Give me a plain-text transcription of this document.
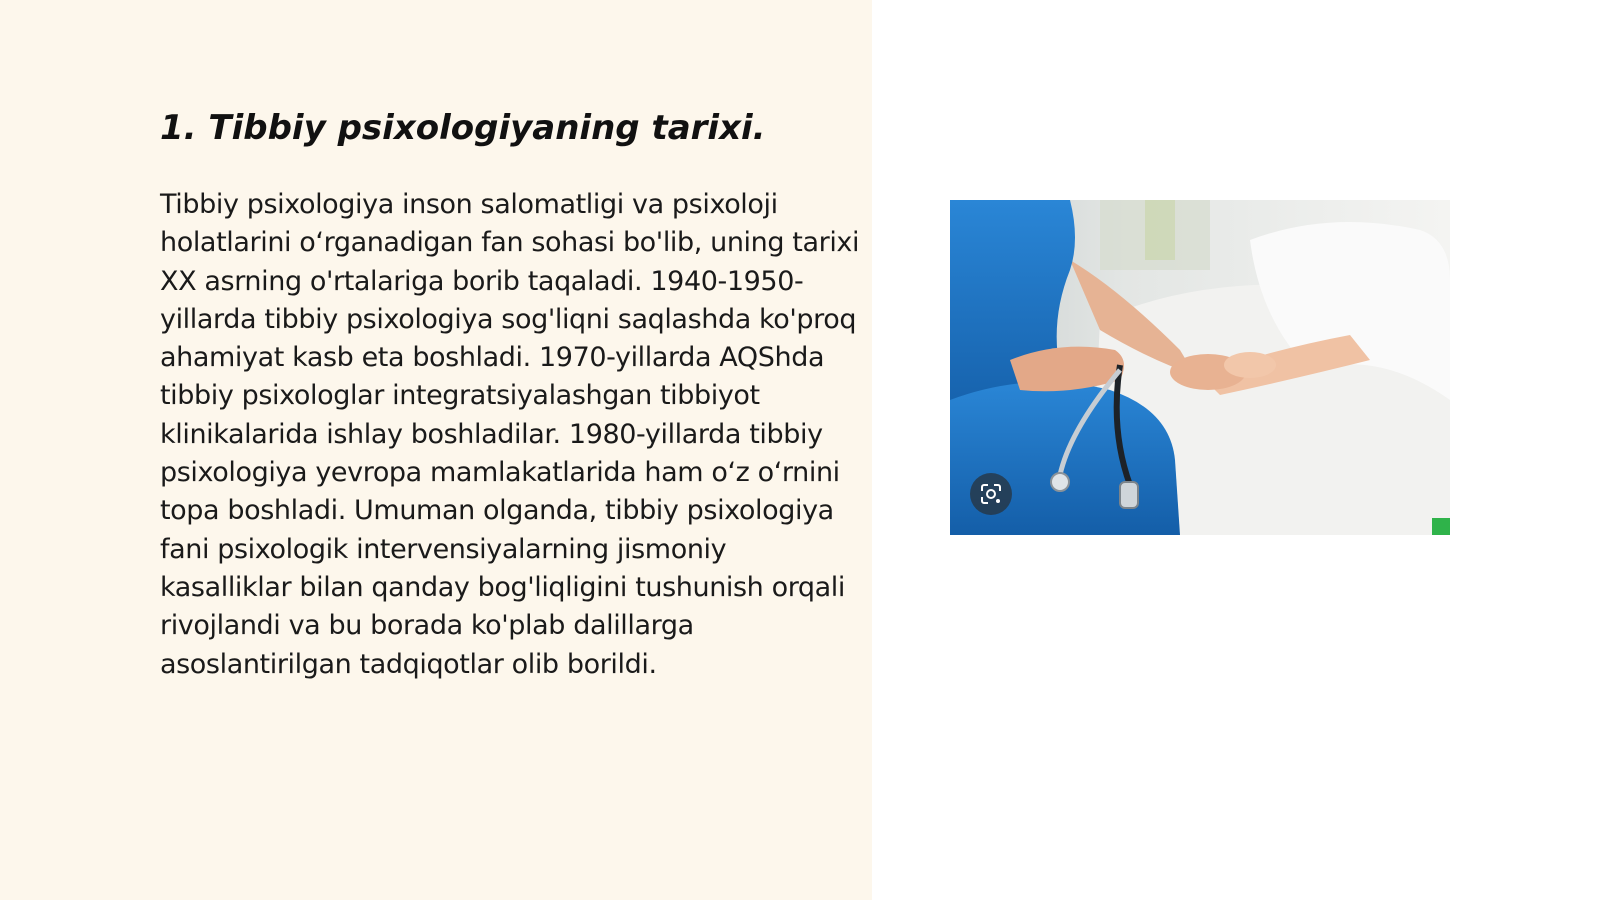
1. Tibbiy psixologiyaning tarixi.

Tibbiy psixologiya inson salomatligi va psixoloji holatlarini o‘rganadigan fan sohasi bo'lib, uning tarixi XX asrning o'rtalariga borib taqaladi. 1940-1950-yillarda tibbiy psixologiya sog'liqni saqlashda ko'proq ahamiyat kasb eta boshladi. 1970-yillarda AQShda tibbiy psixologlar integratsiyalashgan tibbiyot klinikalarida ishlay boshladilar. 1980-yillarda tibbiy psixologiya yevropa mamlakatlarida ham o‘z o‘rnini topa boshladi. Umuman olganda, tibbiy psixologiya fani psixologik intervensiyalarning jismoniy kasalliklar bilan qanday bog'liqligini tushunish orqali rivojlandi va bu borada ko'plab dalillarga asoslantirilgan tadqiqotlar olib borildi.
